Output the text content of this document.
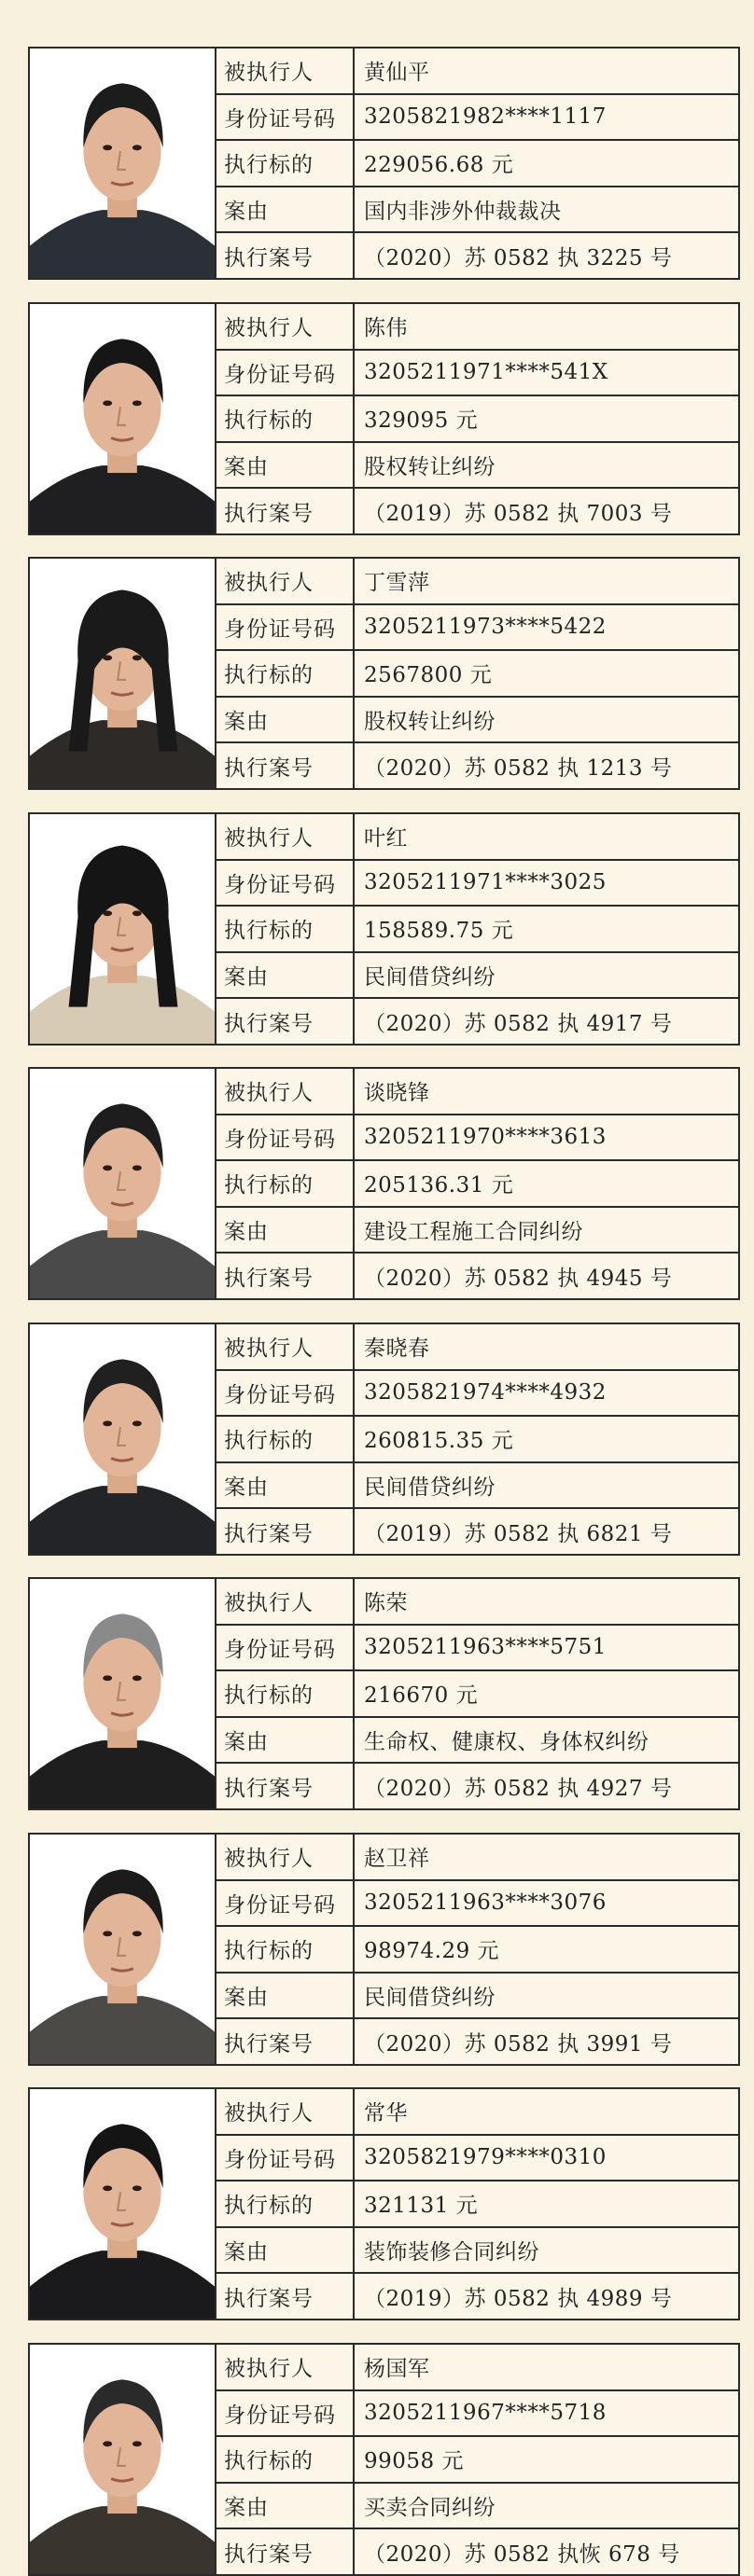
被执行人	黄仙平
身份证号码	3205821982****1117
执行标的	229056.68 元
案由	国内非涉外仲裁裁决
执行案号	（2020）苏 0582 执 3225 号
被执行人	陈伟
身份证号码	3205211971****541X
执行标的	329095 元
案由	股权转让纠纷
执行案号	（2019）苏 0582 执 7003 号
被执行人	丁雪萍
身份证号码	3205211973****5422
执行标的	2567800 元
案由	股权转让纠纷
执行案号	（2020）苏 0582 执 1213 号
被执行人	叶红
身份证号码	3205211971****3025
执行标的	158589.75 元
案由	民间借贷纠纷
执行案号	（2020）苏 0582 执 4917 号
被执行人	谈晓锋
身份证号码	3205211970****3613
执行标的	205136.31 元
案由	建设工程施工合同纠纷
执行案号	（2020）苏 0582 执 4945 号
被执行人	秦晓春
身份证号码	3205821974****4932
执行标的	260815.35 元
案由	民间借贷纠纷
执行案号	（2019）苏 0582 执 6821 号
被执行人	陈荣
身份证号码	3205211963****5751
执行标的	216670 元
案由	生命权、健康权、身体权纠纷
执行案号	（2020）苏 0582 执 4927 号
被执行人	赵卫祥
身份证号码	3205211963****3076
执行标的	98974.29 元
案由	民间借贷纠纷
执行案号	（2020）苏 0582 执 3991 号
被执行人	常华
身份证号码	3205821979****0310
执行标的	321131 元
案由	装饰装修合同纠纷
执行案号	（2019）苏 0582 执 4989 号
被执行人	杨国军
身份证号码	3205211967****5718
执行标的	99058 元
案由	买卖合同纠纷
执行案号	（2020）苏 0582 执恢 678 号
